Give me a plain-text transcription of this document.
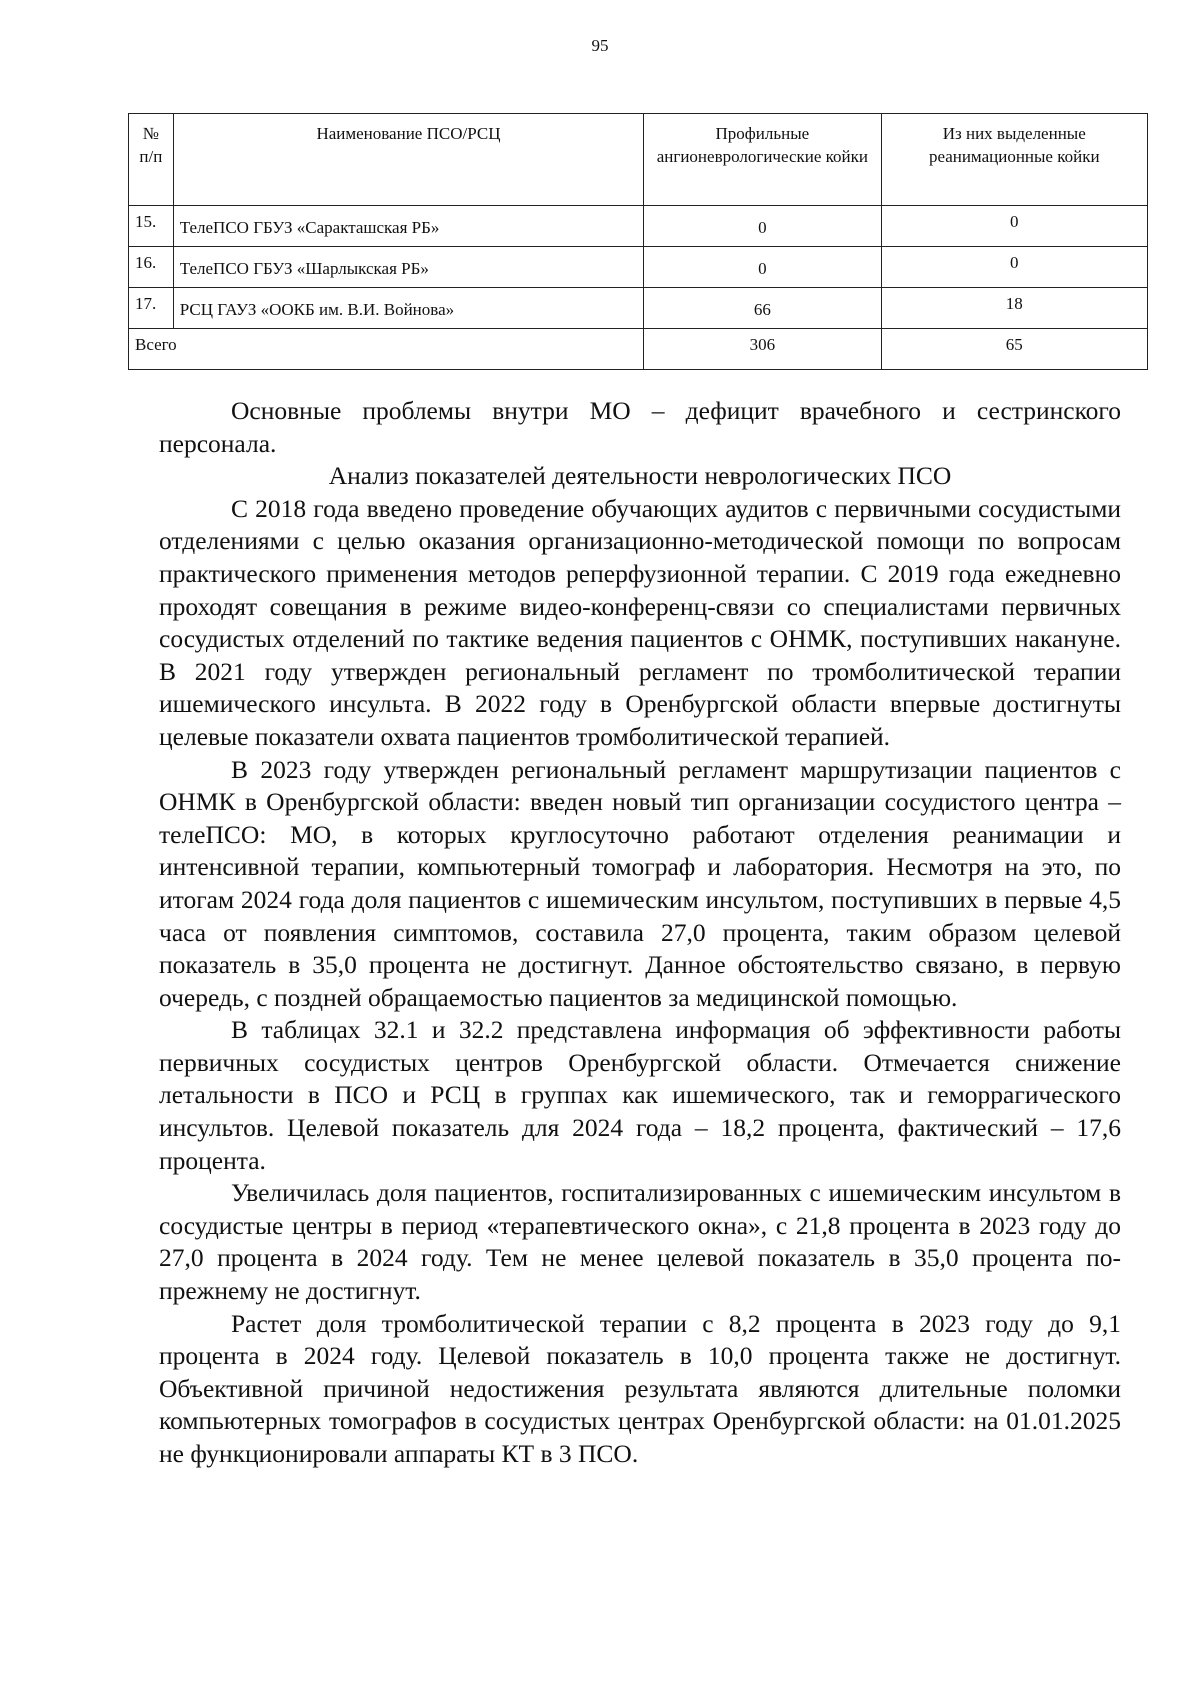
95
№
п/п	Наименование ПСО/РСЦ	Профильные ангионеврологические койки	Из них выделенные реанимационные койки
15.	ТелеПСО ГБУЗ «Саракташская РБ»	0	0
16.	ТелеПСО ГБУЗ «Шарлыкская РБ»	0	0
17.	РСЦ ГАУЗ «ООКБ им. В.И. Войнова»	66	18
Всего		306	65

Основные проблемы внутри МО – дефицит врачебного и сестринского персонала.

Анализ показателей деятельности неврологических ПСО

С 2018 года введено проведение обучающих аудитов с первичными сосудистыми отделениями с целью оказания организационно-методической помощи по вопросам практического применения методов реперфузионной терапии. С 2019 года ежедневно проходят совещания в режиме видео-конференц-связи со специалистами первичных сосудистых отделений по тактике ведения пациентов с ОНМК, поступивших накануне. В 2021 году утвержден региональный регламент по тромболитической терапии ишемического инсульта. В 2022 году в Оренбургской области впервые достигнуты целевые показатели охвата пациентов тромболитической терапией.

В 2023 году утвержден региональный регламент маршрутизации пациентов с ОНМК в Оренбургской области: введен новый тип организации сосудистого центра – телеПСО: МО, в которых круглосуточно работают отделения реанимации и интенсивной терапии, компьютерный томограф и лаборатория. Несмотря на это, по итогам 2024 года доля пациентов с ишемическим инсультом, поступивших в первые 4,5 часа от появления симптомов, составила 27,0 процента, таким образом целевой показатель в 35,0 процента не достигнут. Данное обстоятельство связано, в первую очередь, с поздней обращаемостью пациентов за медицинской помощью.

В таблицах 32.1 и 32.2 представлена информация об эффективности работы первичных сосудистых центров Оренбургской области. Отмечается снижение летальности в ПСО и РСЦ в группах как ишемического, так и геморрагического инсультов. Целевой показатель для 2024 года – 18,2 процента, фактический – 17,6 процента.

Увеличилась доля пациентов, госпитализированных с ишемическим инсультом в сосудистые центры в период «терапевтического окна», с 21,8 процента в 2023 году до 27,0 процента в 2024 году. Тем не менее целевой показатель в 35,0 процента по-прежнему не достигнут.

Растет доля тромболитической терапии с 8,2 процента в 2023 году до 9,1 процента в 2024 году. Целевой показатель в 10,0 процента также не достигнут. Объективной причиной недостижения результата являются длительные поломки компьютерных томографов в сосудистых центрах Оренбургской области: на 01.01.2025 не функционировали аппараты КТ в 3 ПСО.
